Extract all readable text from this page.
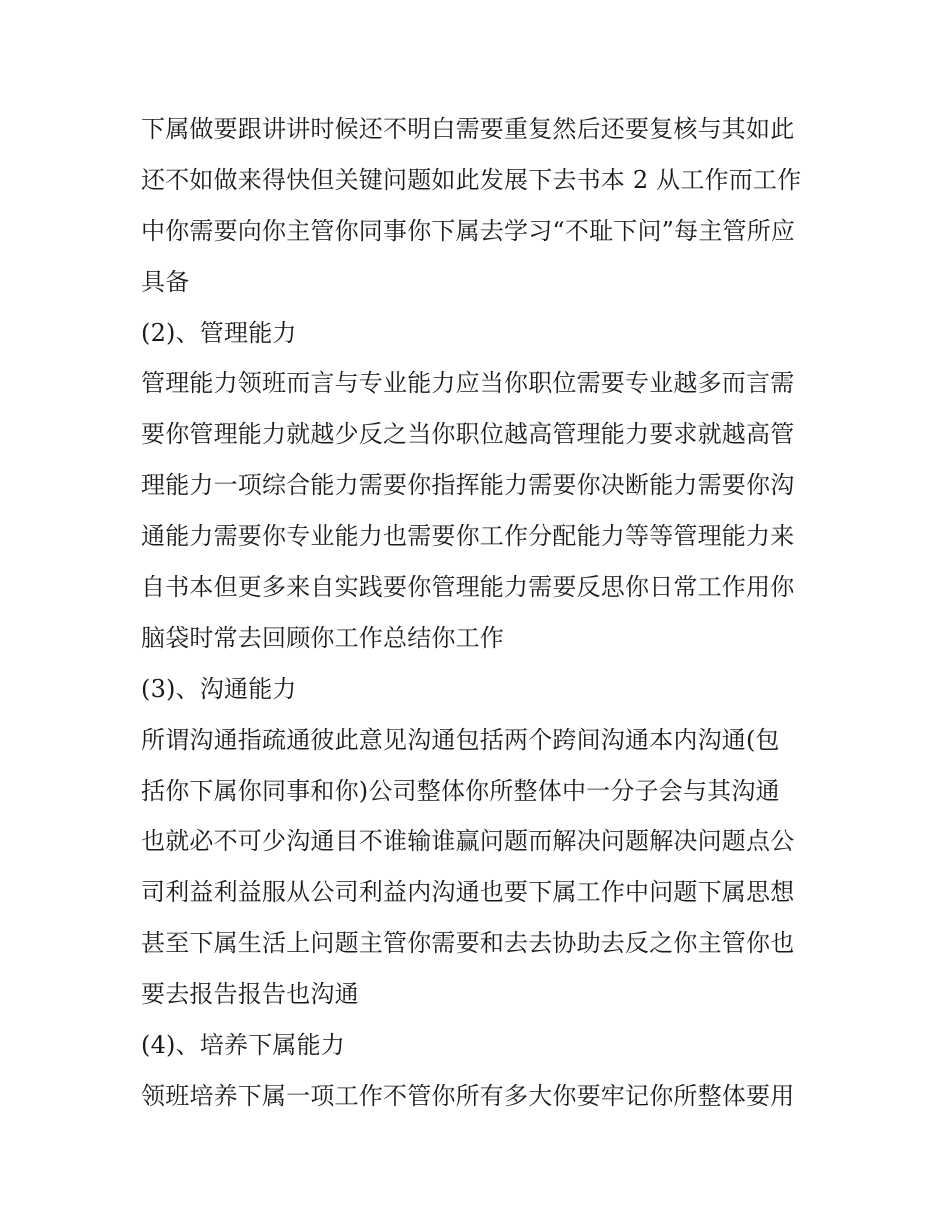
下属做要跟讲讲时候还不明白需要重复然后还要复核与其如此
还不如做来得快但关键问题如此发展下去书本 2 从工作而工作
中你需要向你主管你同事你下属去学习“不耻下问”每主管所应
具备
(2)、管理能力
管理能力领班而言与专业能力应当你职位需要专业越多而言需
要你管理能力就越少反之当你职位越高管理能力要求就越高管
理能力一项综合能力需要你指挥能力需要你决断能力需要你沟
通能力需要你专业能力也需要你工作分配能力等等管理能力来
自书本但更多来自实践要你管理能力需要反思你日常工作用你
脑袋时常去回顾你工作总结你工作
(3)、沟通能力
所谓沟通指疏通彼此意见沟通包括两个跨间沟通本内沟通(包
括你下属你同事和你)公司整体你所整体中一分子会与其沟通
也就必不可少沟通目不谁输谁赢问题而解决问题解决问题点公
司利益利益服从公司利益内沟通也要下属工作中问题下属思想
甚至下属生活上问题主管你需要和去去协助去反之你主管你也
要去报告报告也沟通
(4)、培养下属能力
领班培养下属一项工作不管你所有多大你要牢记你所整体要用
